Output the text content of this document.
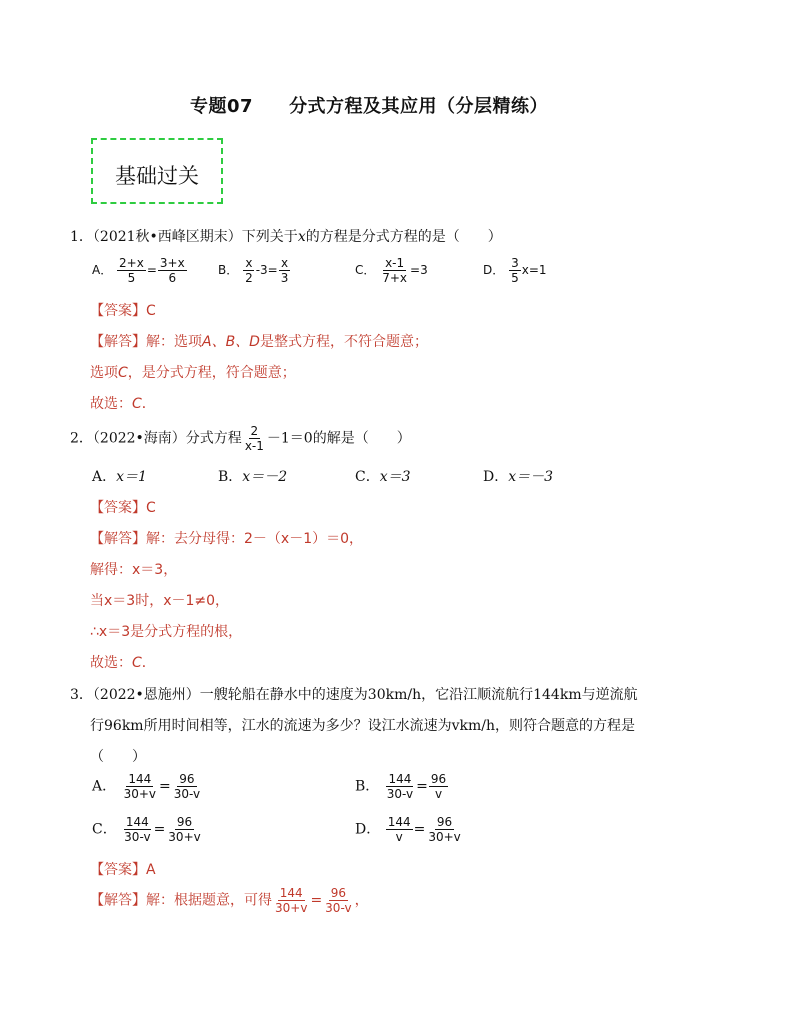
专题07 分式方程及其应用（分层精练）
基础过关
1．（2021秋•西峰区期末）下列关于x的方程是分式方程的是（　　）
A． $\frac{2+x}{5} = \frac{3+x}{6}$	B． $\frac{x}{2} -3= \frac{x}{3}$	C． $\frac{x-1}{7+x} =3$	D． $\frac{3}{5} x=1$
【答案】C
【解答】解：选项A、B、D是整式方程，不符合题意；
选项C，是分式方程，符合题意；
故选：C．
2．（2022•海南）分式方程 $\frac{2}{x-1} -1=0$的解是（　　）
A．x＝1	B．x＝－2	C．x＝3	D．x＝－3
【答案】C
【解答】解：去分母得：2－（x－1）＝0，
解得：x＝3，
当x＝3时，x－1≠0，
∴x＝3是分式方程的根，
故选：C．
3．（2022•恩施州）一艘轮船在静水中的速度为30km/h，它沿江顺流航行144km与逆流航
行96km所用时间相等，江水的流速为多少？设江水流速为vkm/h，则符合题意的方程是
（　　）
A． $\frac{144}{30+v} = \frac{96}{30-v}$	B． $\frac{144}{30-v} = \frac{96}{v}$
C． $\frac{144}{30-v} = \frac{96}{30+v}$	D． $\frac{144}{v} = \frac{96}{30+v}$
【答案】A
【解答】解：根据题意，可得 $\frac{144}{30+v} = \frac{96}{30-v}$ ，
